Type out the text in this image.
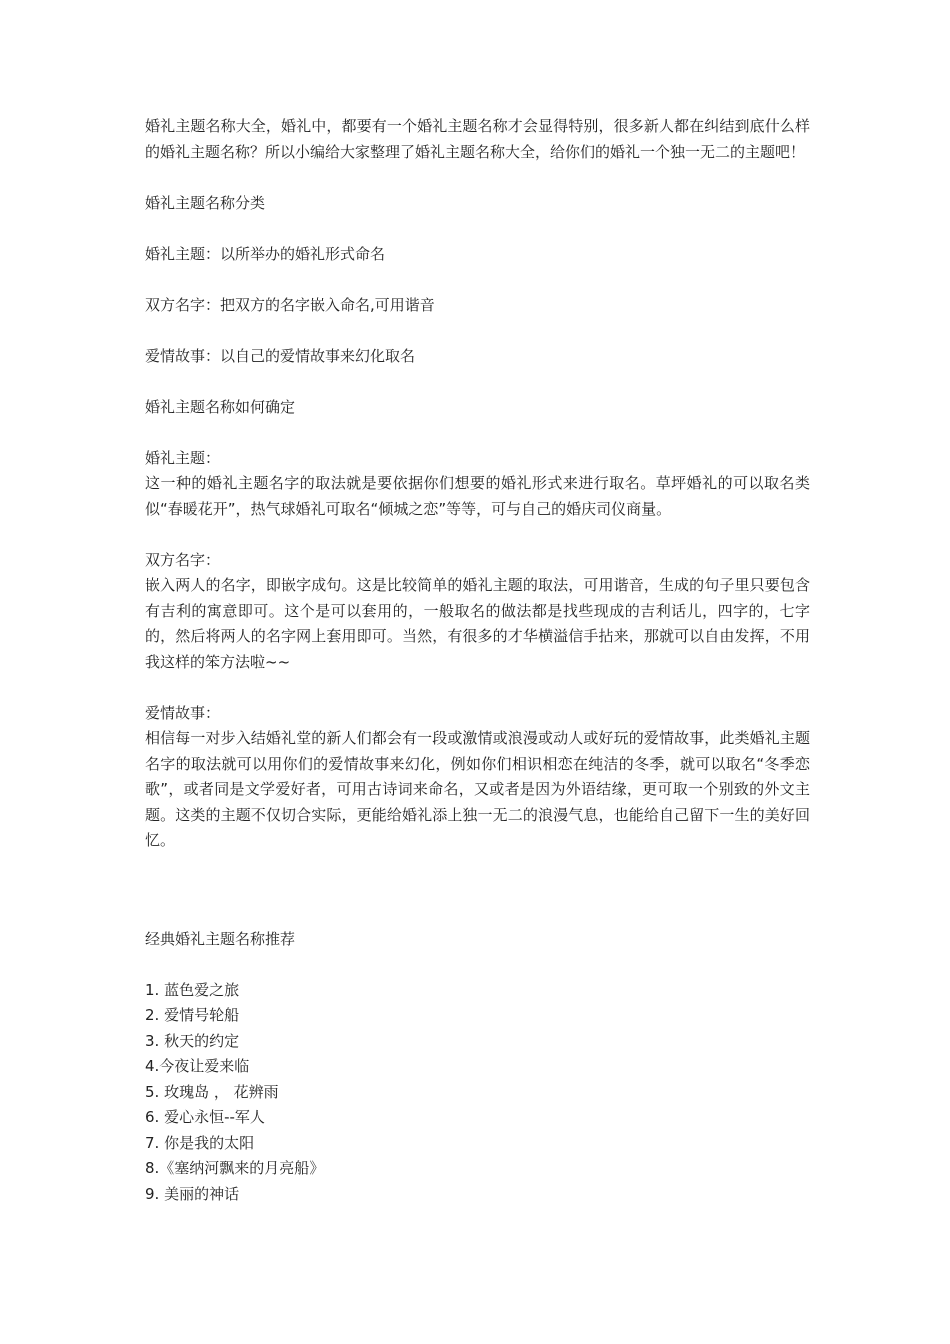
婚礼主题名称大全，婚礼中，都要有一个婚礼主题名称才会显得特别，很多新人都在纠结到底什么样的婚礼主题名称？所以小编给大家整理了婚礼主题名称大全，给你们的婚礼一个独一无二的主题吧！

婚礼主题名称分类

婚礼主题：以所举办的婚礼形式命名

双方名字：把双方的名字嵌入命名,可用谐音

爱情故事：以自己的爱情故事来幻化取名

婚礼主题名称如何确定

婚礼主题：

这一种的婚礼主题名字的取法就是要依据你们想要的婚礼形式来进行取名。草坪婚礼的可以取名类似“春暖花开”，热气球婚礼可取名“倾城之恋”等等，可与自己的婚庆司仪商量。

双方名字：

嵌入两人的名字，即嵌字成句。这是比较简单的婚礼主题的取法，可用谐音，生成的句子里只要包含有吉利的寓意即可。这个是可以套用的，一般取名的做法都是找些现成的吉利话儿，四字的，七字的，然后将两人的名字网上套用即可。当然，有很多的才华横溢信手拈来，那就可以自由发挥，不用我这样的笨方法啦~~

爱情故事：

相信每一对步入结婚礼堂的新人们都会有一段或激情或浪漫或动人或好玩的爱情故事，此类婚礼主题名字的取法就可以用你们的爱情故事来幻化，例如你们相识相恋在纯洁的冬季，就可以取名“冬季恋歌”，或者同是文学爱好者，可用古诗词来命名，又或者是因为外语结缘，更可取一个别致的外文主题。这类的主题不仅切合实际，更能给婚礼添上独一无二的浪漫气息，也能给自己留下一生的美好回忆。

经典婚礼主题名称推荐

1. 蓝色爱之旅
2. 爱情号轮船
3. 秋天的约定
4.今夜让爱来临
5. 玫瑰岛 ， 花辨雨
6. 爱心永恒--军人
7. 你是我的太阳
8.《塞纳河飘来的月亮船》
9. 美丽的神话
